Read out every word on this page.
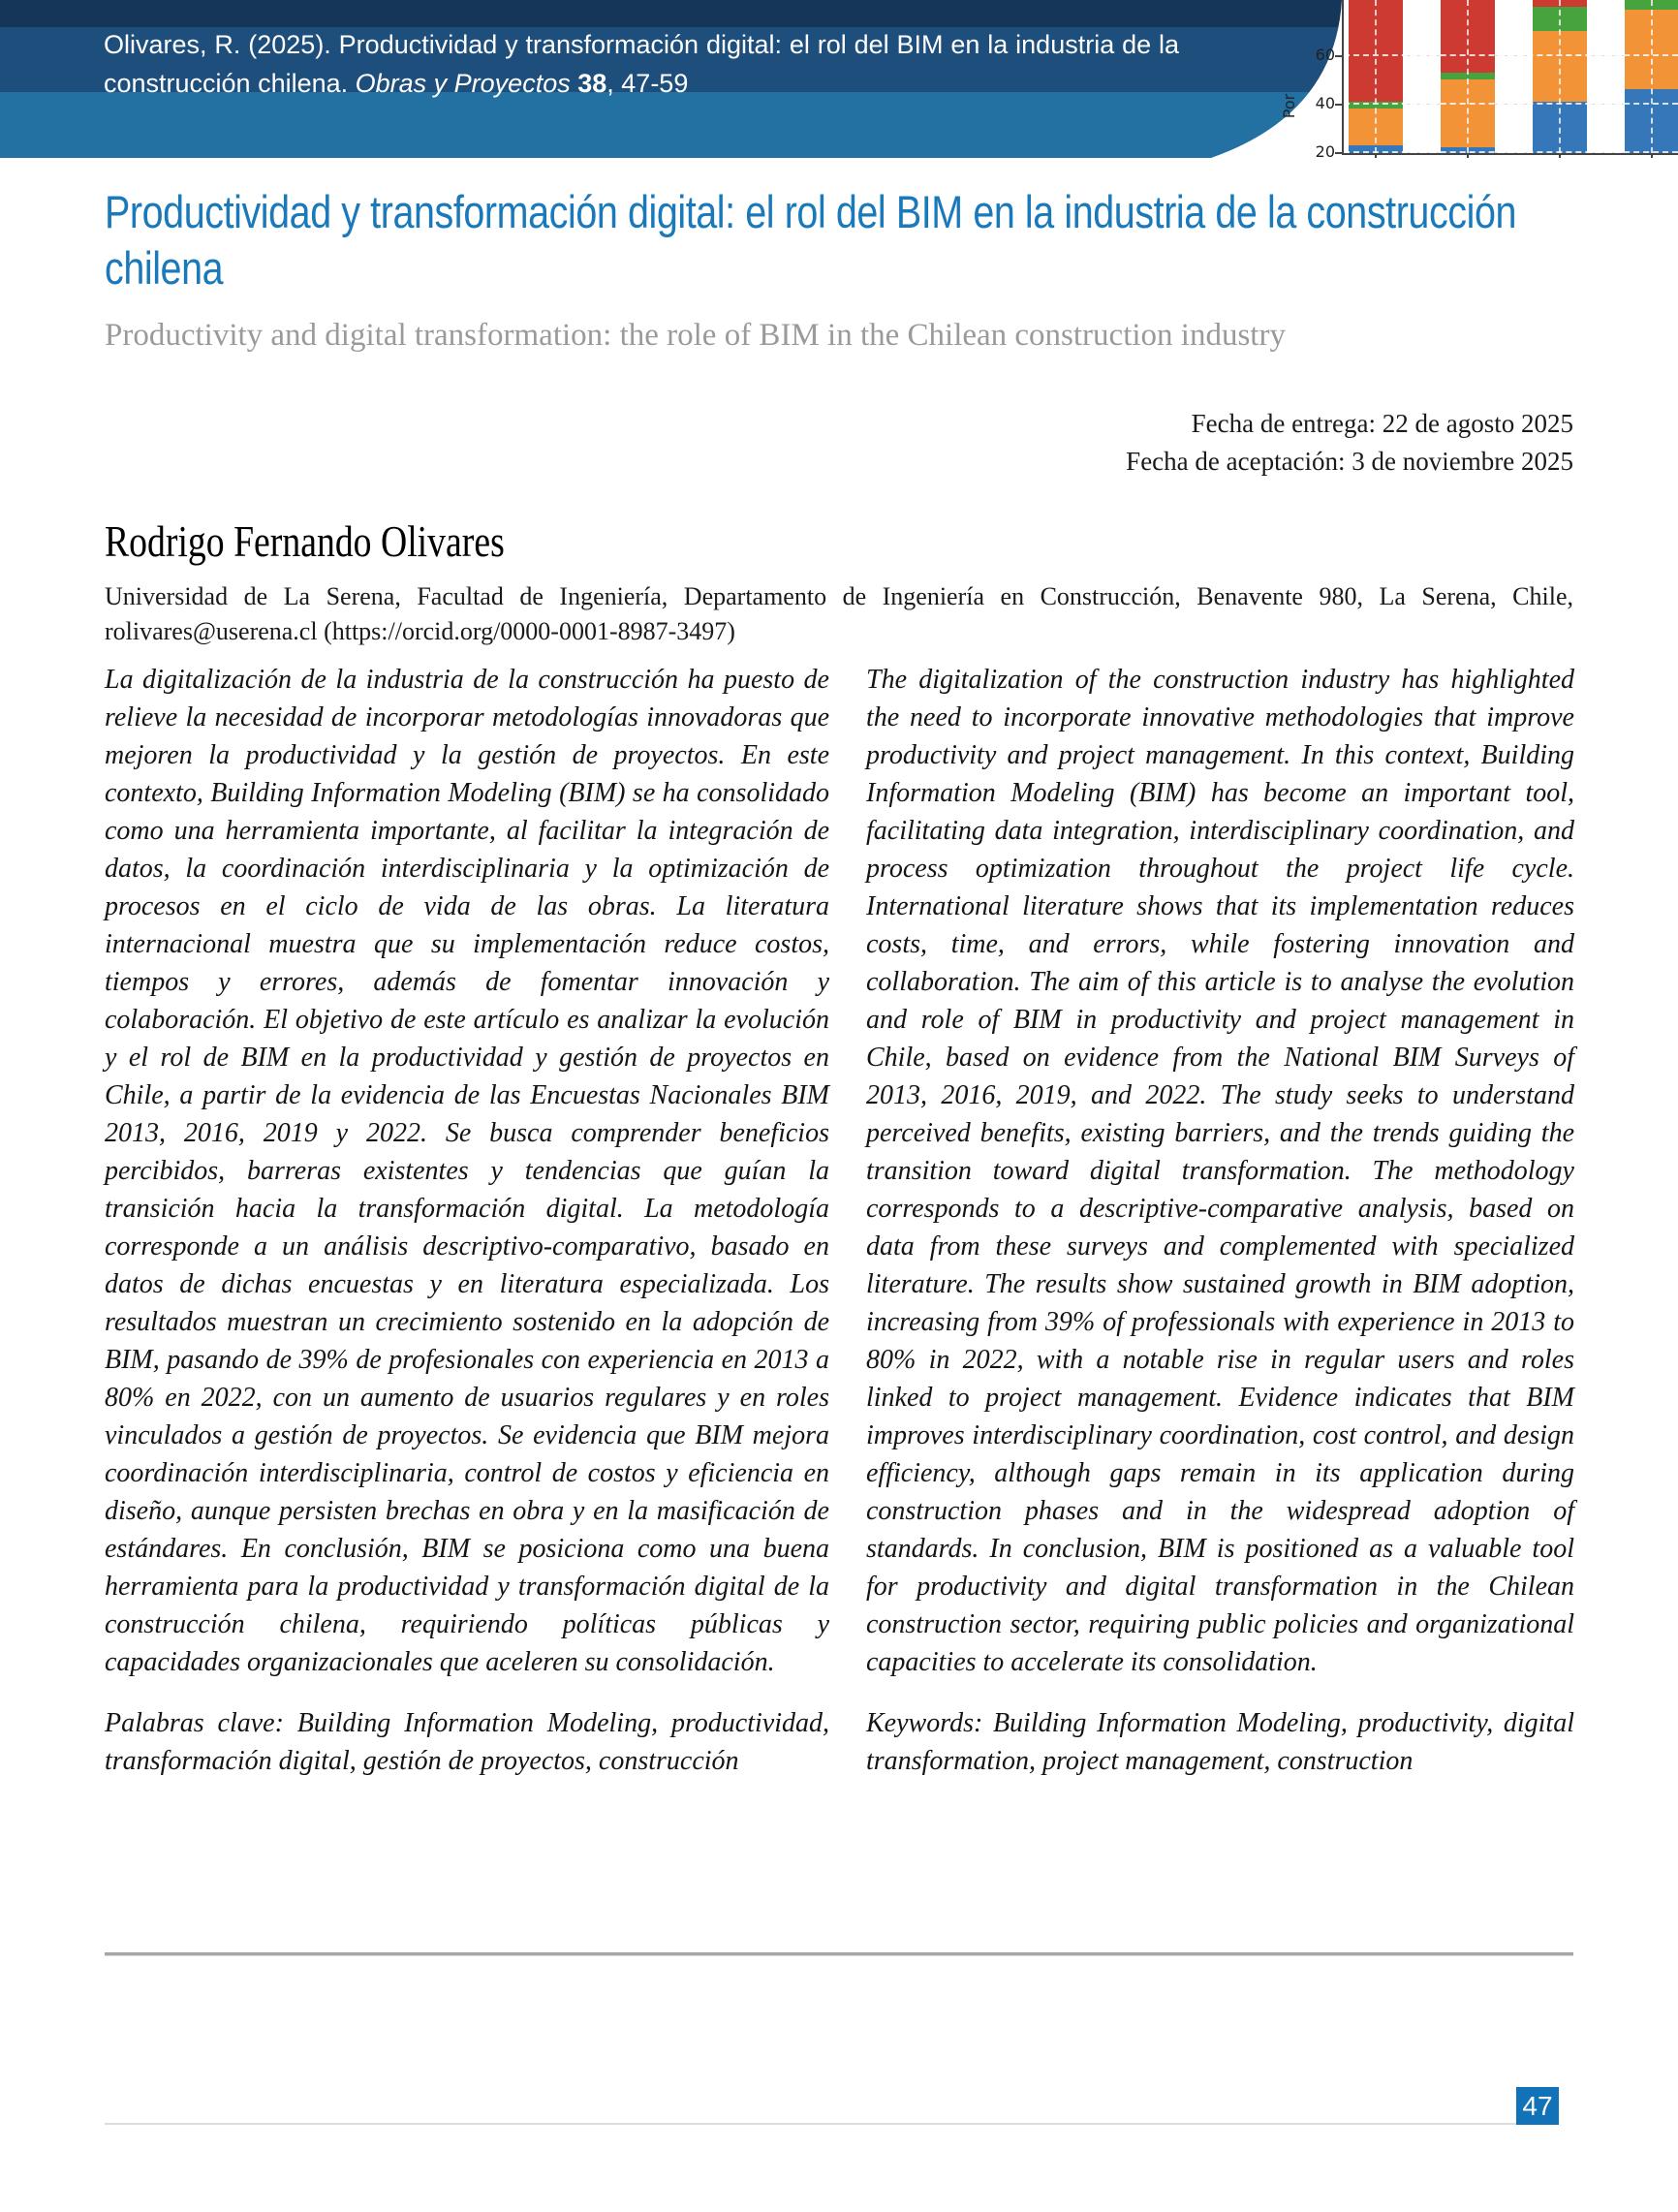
Por
20
40
60

Olivares, R. (2025). Productividad y transformación digital: el rol del BIM en la industria de la construcción chilena. Obras y Proyectos 38, 47-59

Productividad y transformación digital: el rol del BIM en la industria de la construcción chilena
Productivity and digital transformation: the role of BIM in the Chilean construction industry
Fecha de entrega: 22 de agosto 2025
Fecha de aceptación: 3 de noviembre 2025
Rodrigo Fernando Olivares

Universidad de La Serena, Facultad de Ingeniería, Departamento de Ingeniería en Construcción, Benavente 980, La Serena, Chile, rolivares@userena.cl (https://orcid.org/0000-0001-8987-3497)

La digitalización de la industria de la construcción ha puesto de relieve la necesidad de incorporar metodologías innovadoras que mejoren la productividad y la gestión de proyectos. En este contexto, Building Information Modeling (BIM) se ha consolidado como una herramienta importante, al facilitar la integración de datos, la coordinación interdisciplinaria y la optimización de procesos en el ciclo de vida de las obras. La literatura internacional muestra que su implementación reduce costos, tiempos y errores, además de fomentar innovación y colaboración. El objetivo de este artículo es analizar la evolución y el rol de BIM en la productividad y gestión de proyectos en Chile, a partir de la evidencia de las Encuestas Nacionales BIM 2013, 2016, 2019 y 2022. Se busca comprender beneficios percibidos, barreras existentes y tendencias que guían la transición hacia la transformación digital. La metodología corresponde a un análisis descriptivo-comparativo, basado en datos de dichas encuestas y en literatura especializada. Los resultados muestran un crecimiento sostenido en la adopción de BIM, pasando de 39% de profesionales con experiencia en 2013 a 80% en 2022, con un aumento de usuarios regulares y en roles vinculados a gestión de proyectos. Se evidencia que BIM mejora coordinación interdisciplinaria, control de costos y eficiencia en diseño, aunque persisten brechas en obra y en la masificación de estándares. En conclusión, BIM se posiciona como una buena herramienta para la productividad y transformación digital de la construcción chilena, requiriendo políticas públicas y capacidades organizacionales que aceleren su consolidación.

Palabras clave: Building Information Modeling, productividad, transformación digital, gestión de proyectos, construcción

The digitalization of the construction industry has highlighted the need to incorporate innovative methodologies that improve productivity and project management. In this context, Building Information Modeling (BIM) has become an important tool, facilitating data integration, interdisciplinary coordination, and process optimization throughout the project life cycle. International literature shows that its implementation reduces costs, time, and errors, while fostering innovation and collaboration. The aim of this article is to analyse the evolution and role of BIM in productivity and project management in Chile, based on evidence from the National BIM Surveys of 2013, 2016, 2019, and 2022. The study seeks to understand perceived benefits, existing barriers, and the trends guiding the transition toward digital transformation. The methodology corresponds to a descriptive-comparative analysis, based on data from these surveys and complemented with specialized literature. The results show sustained growth in BIM adoption, increasing from 39% of professionals with experience in 2013 to 80% in 2022, with a notable rise in regular users and roles linked to project management. Evidence indicates that BIM improves interdisciplinary coordination, cost control, and design efficiency, although gaps remain in its application during construction phases and in the widespread adoption of standards. In conclusion, BIM is positioned as a valuable tool for productivity and digital transformation in the Chilean construction sector, requiring public policies and organizational capacities to accelerate its consolidation.

Keywords: Building Information Modeling, productivity, digital transformation, project management, construction

47
